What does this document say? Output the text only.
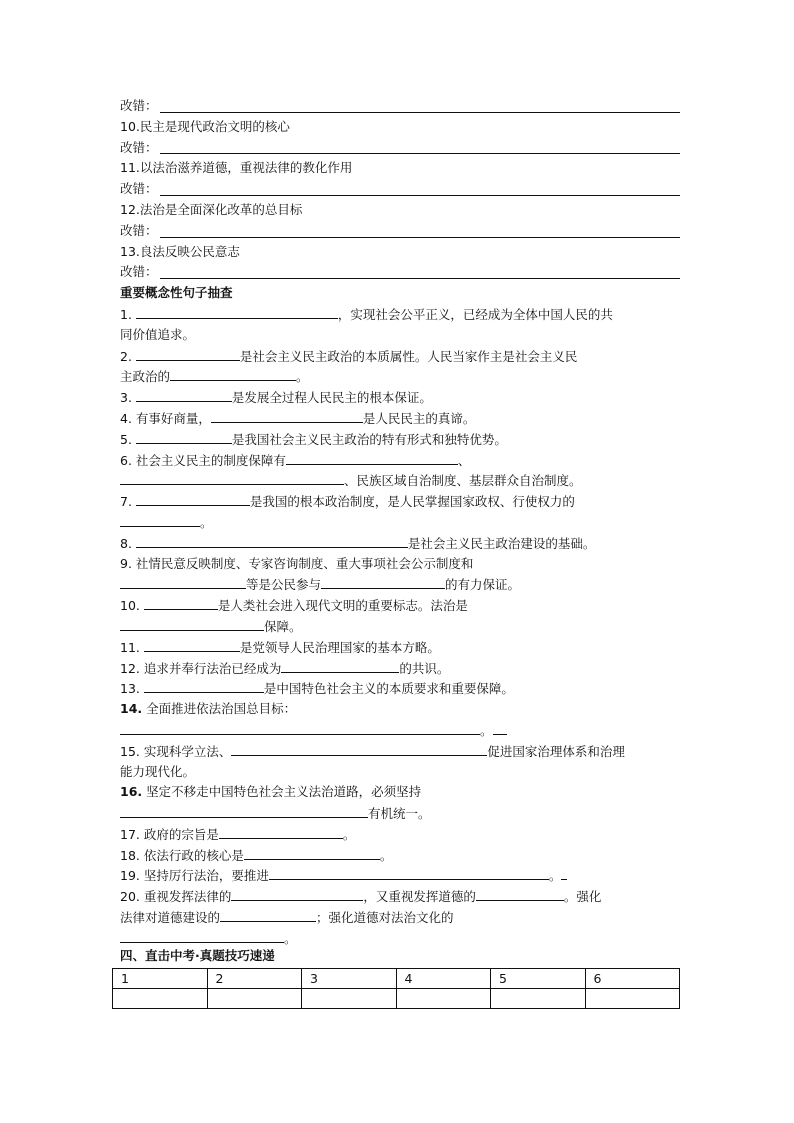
改错：
10.民主是现代政治文明的核心
改错：
11.以法治滋养道德，重视法律的教化作用
改错：
12.法治是全面深化改革的总目标
改错：
13.良法反映公民意志
改错：
重要概念性句子抽查
1.	，实现社会公平正义，已经成为全体中国人民的共
同价值追求。
2.	是社会主义民主政治的本质属性。人民当家作主是社会主义民
主政治的	。
3.	是发展全过程人民民主的根本保证。
4. 有事好商量，	是人民民主的真谛。
5.	是我国社会主义民主政治的特有形式和独特优势。
6. 社会主义民主的制度保障有	、
、民族区域自治制度、基层群众自治制度。
7.	是我国的根本政治制度，是人民掌握国家政权、行使权力的
。
8.	是社会主义民主政治建设的基础。
9. 社情民意反映制度、专家咨询制度、重大事项社会公示制度和
等是公民参与	的有力保证。
10.	是人类社会进入现代文明的重要标志。法治是
保障。
11.	是党领导人民治理国家的基本方略。
12. 追求并奉行法治已经成为	的共识。
13.	是中国特色社会主义的本质要求和重要保障。
14. 全面推进依法治国总目标：
。
15. 实现科学立法、	促进国家治理体系和治理
能力现代化。
16. 坚定不移走中国特色社会主义法治道路，必须坚持
有机统一。
17. 政府的宗旨是	。
18. 依法行政的核心是	。
19. 坚持厉行法治，要推进	。
20. 重视发挥法律的	，又重视发挥道德的	。强化
法律对道德建设的	；强化道德对法治文化的
。
四、直击中考·真题技巧速递
1	2	3	4	5	6
